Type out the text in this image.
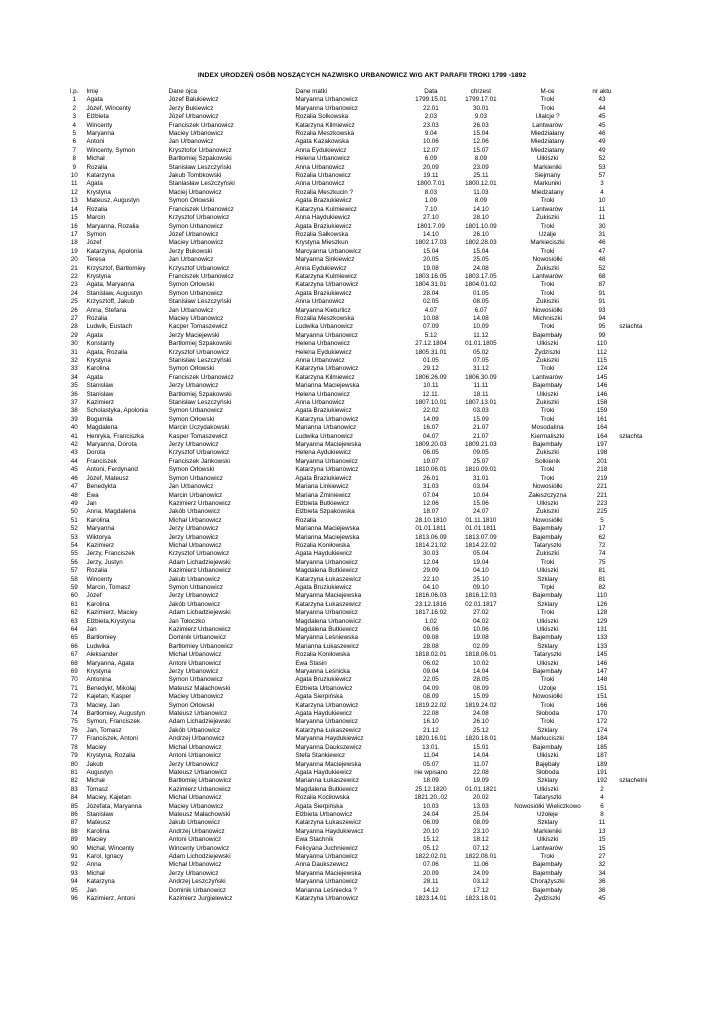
INDEX URODZEŃ OSÓB NOSZĄCYCH NAZWISKO URBANOWICZ W/G AKT PARAFII TROKI 1799 -1892
l.p.	Imię	Dane ojca	Dane matki	Data	chrzest	M-ce	nr aktu	
1	Agata	Józef Balukiewicz	Maryanna Urbanowicz	1799.15.01	1799.17.01	Troki	43	
2	Józef, Wincenty	Jerzy Bukiewicz	Maryanna Urbanowicz	22.01	30.01	Troki	44	
3	Elżbieta	Józef Urbanowicz	Rozalia Solkowska	2.03	9.03	Ulalcje ?	45	
4	Wincenty	Franciszek Urbanowicz	Katarzyna Kilmiewicz	23.03	26.03	Lantwarów	45	
5	Maryanna	Maciey Urbanowicz	Rozalia Meszkowska	9.04	15.04	Miedziałany	46	
6	Antoni	Jan Urbanowicz	Agata Kazakowska	10.06	12.06	Miedziatany	49	
7	Wincenty, Symon	Krysztofor Urbanowicz	Anna Eydukiewicz	12.07	15.07	Miedziatany	49	
8	Michał	Bartłomiej Szpakowski	Helena Urbanowicz	6.09	8.09	Ulkiszki	52	
9	Rozalia	Stanisław Leszczyński	Anna Urbanowicz	20.09	23.09	Markieniki	53	
10	Katarzyna	Jakub Tombkowski	Rozalia Urbanowicz	19.11	25.11	Siejmany	57	
11	Agata	Staniasław Leszczyński	Anna Urbanowicz	1800.7.01	1800.12.01	Markuniki	3	
12	Krystyna	Maciej Urbanowicz	Rozalia Meszkucin ?	8.03	11.03	Miedzatany	4	
13	Mateusz, Augustyn	Symon Orłowski	Agata Braziukiewicz	1.09	8.09	Troki	10	
14	Rozalia	Franciszek Urbanowicz	Katarzyna Kulmiewicz	7.10	14.10	Lantwarów	11	
15	Marcin	Krzysztof Urbanowicz	Anna Haydukiewicz	27.10	28.10	Żukiszki	11	
16	Maryanna, Rozalia	Symon Urbanowicz	Agata Braziukiewicz	1801.7.09	1801.10.09	Troki	30	
17	Symon	Józef Urbanowicz	Rozalia Sałkowska	14.10	26.10	Użalje	31	
18	Józef	Maciey Urbanowicz	Krystyna Mieszkun	1802.17.03	1802.28.03	Markieciszki	46	
19	Katarzyna, Apolonia	Jerzy Bukowski	Marcyanna Urbanowicz	15.04	15.04	Troki	47	
20	Teresa	Jan Urbanowicz	Maryanna Sinkiewicz	20.05	25.05	Nowosiółki	48	
21	Krzysztof, Bartłomiey	Krzysztof Urbanowicz	Anna Eydukiewicz	19.08	24.08	Żukiszki	52	
22	Krystyna	Franciszek Urbanowicz	Katarzyna Kulmiewicz	1803.16.05	1803.17.05	Lantwarów	68	
23	Agata, Maryanna	Symon Orłowski	Katarzyna Urbanowicz	1804.31.01	1804.01.02	Troki	87	
24	Stanisław, Augustyn	Symon Urbanowicz	Agata Braziukiewicz	28.04	01.05	Troki	91	
25	Krzysztoff, Jakub	Stanisław Leszczyński	Anna Urbanowicz	02.05	08.05	Żukiszki	91	
26	Anna, Stefana	Jan Urbanowicz	Maryanna Kieturlicz	4.07	6.07	Nowosiółki	93	
27	Rozalia	Maciey Urbanowicz	Rozalia Meszkowska	10.08	14.08	Michniszki	94	
28	Ludwik, Eustach	Kacper Tomaszewicz	Ludwika Urbanowicz	07.09	10.09	Troki	95	szlachta
29	Agata	Jerzy Maciejewski	Maryanna Urbanowicz	5.12	11.12	Bajembały	99	
30	Konstanty	Bartłomiej Szpakowski	Helena Urbanowicz	27.12.1804	01.01.1805	Ulkiszki	110	
31	Agata, Rozalia	Krzysztof Urbanowicz	Helena Eydukiewicz	1805.31.01	05.02	Żydziszki	112	
32	Krystyna	Stanisław Leszczyński	Anna Urbanowicz	01.05	07.05	Żukiszki	115	
33	Karolina	Symon Orłowski	Katarzyna Urbanowicz	29.12	31.12	Troki	124	
34	Agata	Franciszek Urbanowicz	Katarzyna Kilmiewicz	1806.26.09	1806.30.09	Lantwarów	145	
35	Stanisław	Jerzy Urbanowicz	Marianna Maciejewska	10.11	11.11	Bajembały	146	
36	Stanisław	Bartłomiej Szpakowski	Helena Urbanowicz	12.11.	18.11	Ulkiszki	146	
37	Kazimierz	Stanisław Leszczyński	Anna Urbanowicz	1807.10.01	1807.13.01	Żukiszki	158	
38	Scholastyka, Apolonia	Symon Urbanowicz	Agata Braziukiewicz	22.02	03.03	Troki	159	
39	Bogumiła	Symon Orłowski	Katarzyna Urbanowicz	14.09	15.09	Troki	161	
40	Magdalena	Marcin Uczydakowski	Marianna Urbanowicz	16.07	21.07	Mosodalina	164	
41	Henryka, Franciszka	Kasper Tomaszewicz	Ludwika Urbanowicz	04.07	21.07	Kiermaliszki	164	szlachta
42	Maryanna, Dorota	Jerzy Urbanowicz	Maryanna Maciejewska	1809.20.03	1809.21.03	Bajembały	197	
43	Dorota	Krzysztof Urbanowicz	Helena Aydukiewicz	06.05	09.05	Żukiszki	198	
44	Franciszek	Franciszek Jankowski	Maryanna Urbanowicz	19.07	25.07	Solkienik	201	
45	Antoni, Ferdynand	Symon Orłowski	Katarzyna Urbanowicz	1810.06.01	1810.09.01	Troki	218	
46	Józef, Mateusz	Symon Urbanowicz	Agata Braziukiewicz	26.01	31.01	Troki	219	
47	Benedykta	Jan Urbanowicz	Mariana Linkiewicz	31.03	03.04	Nowosiółki	221	
48	Ewa	Marcin Urbanowicz	Mariana Zminiewicz	07.04	10.04	Załeszczyzna	221	
49	Jan	Kazimierz Urbanowicz	Elżbieta Butkiewicz	12.06	15.06	Ulkiszki	223	
50	Anna, Magdalena	Jakób Urbanowicz	Elżbieta Szpakowska	18.07	24.07	Żukiszki	225	
51	Karolina	Michał Urbanowicz	Rozalia	28.10.1810	01.11.1810	Nowosiółki	5	
52	Maryanna	Jerzy Urbanowicz	Marianna Maciejewska	01.01.1811	01.01.1811	Bajembały	17	
53	Wiktorya	Jerzy Urbanowicz	Marianna Maciejewska	1813.06.09	1813.07.09	Bajembały	62	
54	Kazimierz	Michał Urbanowicz	Rozalia Koniłowska	1814.21.02	1814.22.02	Tataryszki	72	
55	Jerzy, Franciszek	Krzysztof Urbanowicz	Agata Haydukiewicz	30.03	05.04	Żukiszki	74	
56	Jerzy, Justyn	Adam Lichadziejewski	Maryanna Urbanowicz	12.04	19.04	Troki	75	
57	Rozalia	Kazimierz Urbanowicz	Magdalena Butkiewicz	29.09	04.10	Ulkiszki	81	
58	Wincenty	Jakub Urbanowicz	Katarzyna Łukaszewicz	22.10	25.10	Szklary	81	
59	Marcin, Tomasz	Symon Urbanowicz	Agata Bruziukiewicz	04.10	09.10	Trpki	82	
60	Józef	Jerzy Urbanowicz	Maryanna Maciejewska	1816.06.03	1816.12.03	Bajembały	110	
61	Karolina	Jakób Urbanowicz	Katarzyna Łukaszewicz	23.12.1816	02.01.1817	Szklary	126	
62	Kazimierz, Maciey	Adam Lichadziejewski	Maryanna Urbanowicz	1817.16.02	27.02	Troki	128	
63	Elżbieta,Krystyna	Jan Tołoczko	Magdalena Urbanowicz	1.02	04.02	Ulkiszki	129	
64	Jan	Kazimierz Urbanowicz	Magdalena Butkiewicz	06.06	10.06	Ulkiszki	131	
65	Bartłomiey	Dominik Urbanowicz	Maryanna Leśniewska	09.08	19.08	Bajembały	133	
66	Ludwika	Bartłomiey Urbanowicz	Marianna Łukaszewicz	28.08	02.09	Szklary	133	
67	Aleksander	Michał Urbanowicz	Rozalia Koniłowska	1818.02.01	1818.06.01	Tataryszki	145	
68	Maryanna, Agata	Antoni Urbanowicz	Ewa Stasin	06.02	10.02	Ulkiszki	146	
69	Krystyna	Jerzy Urbanowicz	Maryanna Leśnicka	09.04	14.04	Bajembały	147	
70	Antonina	Symon Urbanowicz	Agata Bruziukiewicz	22.05	28.05	Troki	148	
71	Benedykt, Mikołaj	Mateusz Małachowski	Elżbieta Urbanowicz	04.09	08.09	Użolje	151	
72	Kajetan, Kasper	Maciey Urbanowicz	Agata Sierpińska	08.09	15.09	Nowosiółki	151	
73	Maciey, Jan	Symon Orłowski	Katarzyna Urbanowicz	1819.22.02	1819.24.02	Troki	166	
74	Bartłomiey, Augustyn	Mateusz Urbanowicz	Agata Haydukiewicz	22.08	24.08	Słoboda	170	
75	Symon, Franciszek	Adam Lichadziejewski	Maryanna Urbanowicz	16.10	26.10	Troki	172	
76	Jan, Tomasz	Jakób Urbanowicz	Katarzyna Łukaszewicz	21.12	25.12	Szklary	174	
77	Franciszek, Antoni	Andrzej Urbanowicz	Maryanna Haydukiewicz	1820.16.01	1820.18.01	Markuciszki	184	
78	Maciey	Michał Urbanowicz	Maryanna Daukszewicz	13.01.	15.01	Bajembały	185	
79	Krystyna, Rozalia	Antoni Urbanowicz	Stefa Stankiewicz	11.04	14.04	Ulkiszki	187	
80	Jakub	Jerzy Urbanowicz	Maryanna Maciejewska	05.07	11.07	Bajębały	189	
81	Augustyn	Mateusz Urbanowicz	Agata Haydukiewicz	nie wpisano	22.08	Słoboda	191	
82	Michał	Bartłomiej Urbanowicz	Marianna Łukaszewicz	18.09	19.09	Szklary	192	szlachetni
83	Tomasz	Kazimierz Urbanowicz	Magdalena Butkiewicz	25.12.1820	01.01.1821	Ulkiszki	2	
84	Maciey, Kajetan	Michał Urbanowicz	Rozalia Kociłowska	1821.20..02	20.02	Tataryszki	4	
85	Józefata, Maryanna	Maciey Urbanowicz	Agata Sierpińska	10.03	13.03	Nowosiółki Wieliczkowo	6	
86	Stanisław	Mateusz Małachowski	Elżbieta Urbanowicz	24.04	25.04	Użołeje	8	
87	Mateusz	Jakub Urbanowicz	Katarzyna Łukaszewicz	06.09	08.09	Szklary	11	
88	Karolina	Andrzej Urbanowicz	Maryanna Haydukiewicz	20.10	23.10	Markieniki	13	
89	Maciey	Antoni Urbanowicz	Ewa Stachnik	15.12	18.12	Ulkiszki	15	
90	Michał, Wincenty	Wincenty Urbanowicz	Felicyana Juchniewicz	05.12	07.12	Lantwarów	15	
91	Karol, Ignacy	Adam Lichodziejewski	Maryanna Urbanowicz	1822.02.01	1822.08.01	Troki	27	
92	Anna	Michał Urbanowicz	Anna Daukszewicz	07.06	11.06	Bajembały	32	
93	Michał	Jerzy Urbanowicz	Maryanna Maciejewska	20.09	24.09	Bajembały	34	
94	Katarzyna	Andrzej Leszczyński	Maryanna Urbanowicz	28.11	03.12	Chorążyszki	36	
95	Jan	Dominik Urbanowicz	Marianna Leśniecka ?	14.12	17.12	Bajembały	36	
96	Kazimierz, Antoni	Kazimierz Jurgielewicz	Katarzyna Urbanowicz	1823.14.01	1823.18.01	Żydziszki	45	
